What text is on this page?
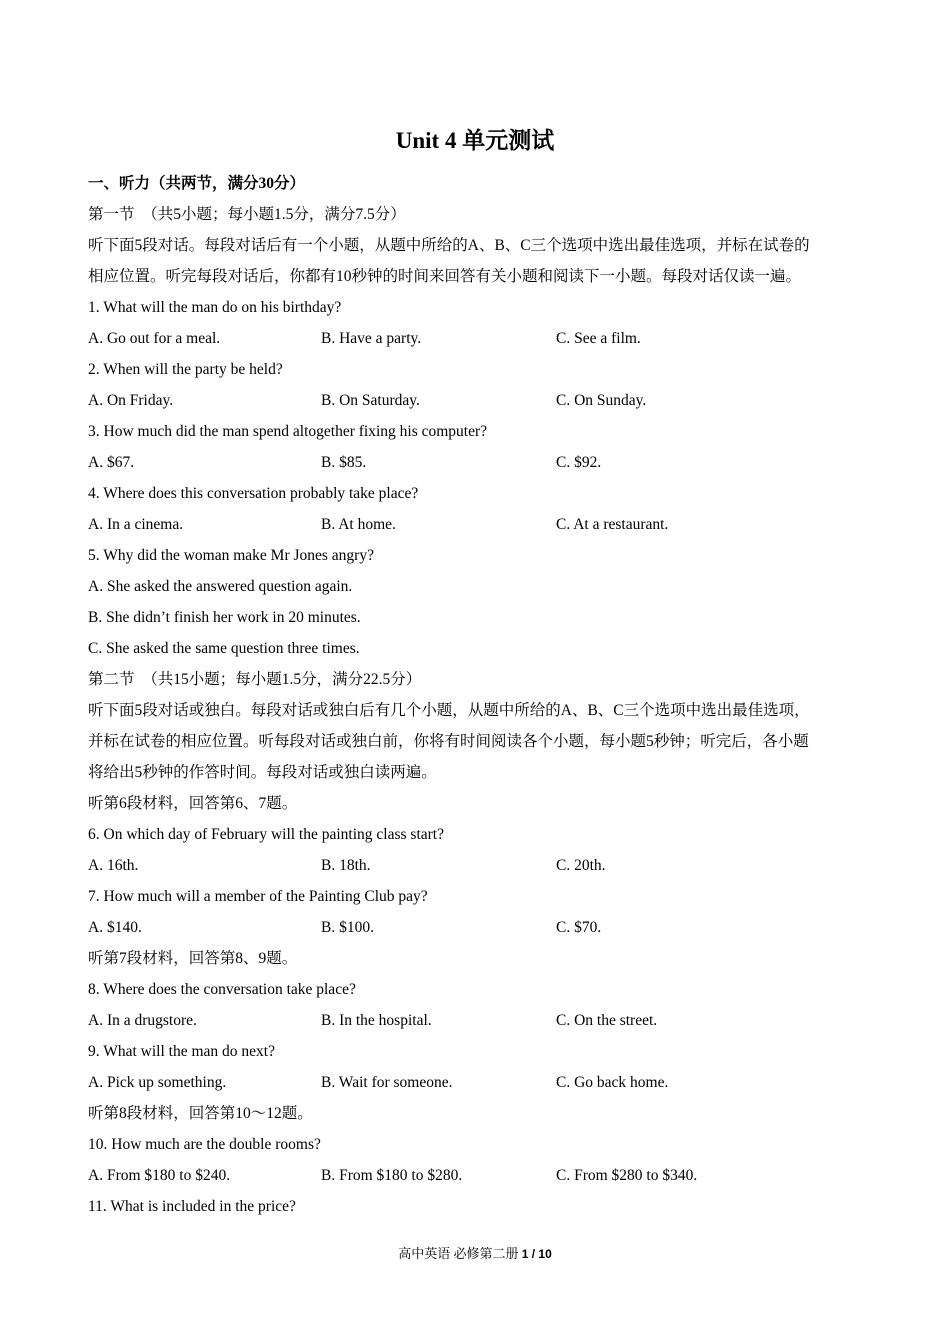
Unit 4 单元测试
一、听力（共两节，满分30分）
第一节　（共5小题；每小题1.5分，满分7.5分）
听下面5段对话。每段对话后有一个小题，从题中所给的A、B、C三个选项中选出最佳选项，并标在试卷的
相应位置。听完每段对话后，你都有10秒钟的时间来回答有关小题和阅读下一小题。每段对话仅读一遍。
1. What will the man do on his birthday?
A. Go out for a meal.	B. Have a party.	C. See a film.
2. When will the party be held?
A. On Friday.	B. On Saturday.	C. On Sunday.
3. How much did the man spend altogether fixing his computer?
A. $67.	B. $85.	C. $92.
4. Where does this conversation probably take place?
A. In a cinema.	B. At home.	C. At a restaurant.
5. Why did the woman make Mr Jones angry?
A. She asked the answered question again.
B. She didn’t finish her work in 20 minutes.
C. She asked the same question three times.
第二节　（共15小题；每小题1.5分，满分22.5分）
听下面5段对话或独白。每段对话或独白后有几个小题，从题中所给的A、B、C三个选项中选出最佳选项，
并标在试卷的相应位置。听每段对话或独白前，你将有时间阅读各个小题，每小题5秒钟；听完后，各小题
将给出5秒钟的作答时间。每段对话或独白读两遍。
听第6段材料，回答第6、7题。
6. On which day of February will the painting class start?
A. 16th.	B. 18th.	C. 20th.
7. How much will a member of the Painting Club pay?
A. $140.	B. $100.	C. $70.
听第7段材料，回答第8、9题。
8. Where does the conversation take place?
A. In a drugstore.	B. In the hospital.	C. On the street.
9. What will the man do next?
A. Pick up something.	B. Wait for someone.	C. Go back home.
听第8段材料，回答第10～12题。
10. How much are the double rooms?
A. From $180 to $240.	B. From $180 to $280.	C. From $280 to $340.
11. What is included in the price?
高中英语 必修第二册 1 / 10
